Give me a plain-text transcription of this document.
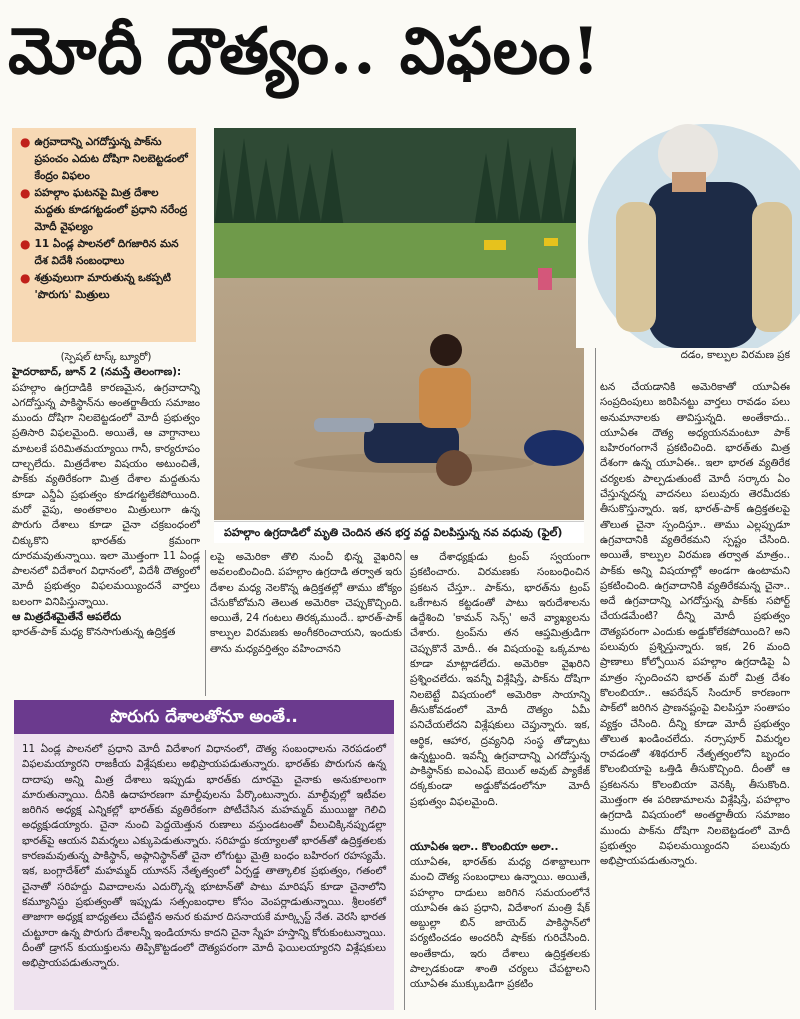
మోదీ దౌత్యం.. విఫలం!
● ఉగ్రవాదాన్ని ఎగదోస్తున్న పాక్‌ను ప్రపంచం ఎదుట దోషిగా నిలబెట్టడంలో కేంద్రం విఫలం
● పహల్గాం ఘటనపై మిత్ర దేశాల మద్దతు కూడగట్టడంలో ప్రధాని నరేంద్ర మోదీ వైఫల్యం
● 11 ఏండ్ల పాలనలో దిగజారిన మన దేశ విదేశీ సంబంధాలు
● శత్రువులుగా మారుతున్న ఒకప్పటి 'పొరుగు' మిత్రులు
పహల్గాం ఉగ్రదాడిలో మృతి చెందిన తన భర్త వద్ద విలపిస్తున్న నవ వధువు (ఫైల్)

(స్పెషల్ టాస్క్ బ్యూరో)

హైదరాబాద్, జూన్ 2 (నమస్తే తెలంగాణ):

పహల్గాం ఉగ్రదాడికి కారణమైన, ఉగ్రవాదాన్ని ఎగదోస్తున్న పాకిస్థాన్‌ను అంతర్జాతీయ సమాజం ముందు దోషిగా నిలబెట్టడంలో మోదీ ప్రభుత్వం ప్రతిసారి విఫలమైంది. అయితే, ఆ వాగ్దానాలు మాటలకే పరిమితమయ్యాయి గానీ, కార్యరూపం దాల్చలేదు. మిత్రదేశాల విషయం అటుంచితే, పాక్‌కు వ్యతిరేకంగా మిత్ర దేశాల మద్దతును కూడా ఎన్డీఏ ప్రభుత్వం కూడగట్టలేకపోయింది. మరో వైపు, అంతకాలం మిత్రులుగా ఉన్న పొరుగు దేశాలు కూడా చైనా చక్రబంధంలో చిక్కుకొని భారత్‌కు క్రమంగా దూరమవుతున్నాయి. ఇలా మొత్తంగా 11 ఏండ్ల పాలనలో విదేశాంగ విధానంలో, విదేశీ దౌత్యంలో మోదీ ప్రభుత్వం విఫలమయ్యిందనే వార్తలు బలంగా వినిపిస్తున్నాయి.

ఆ మిత్రదేశమైతేనే ఆపలేదు

భారత్-పాక్ మధ్య కొనసాగుతున్న ఉద్రిక్తత

లపై అమెరికా తొలి నుంచీ భిన్న వైఖరిని అవలంబించింది. పహల్గాం ఉగ్రదాడి తర్వాత ఇరు దేశాల మధ్య నెలకొన్న ఉద్రిక్తతల్లో తాము జోక్యం చేసుకోబోమని తెలుత అమెరికా చెప్పుకొచ్చింది. అయితే, 24 గంటలు తిరక్కముందే.. భారత్-పాక్ కాల్పుల విరమణకు అంగీకరించాయని, ఇందుకు తాను మధ్యవర్తిత్వం వహించానని

ఆ దేశాధ్యక్షుడు ట్రంప్ స్వయంగా ప్రకటించారు. విరమణకు సంబంధించిన ప్రకటన చేస్తూ.. పాక్‌ను, భారత్‌ను ట్రంప్ ఒకేగాటన కట్టడంతో పాటు ఇరుదేశాలను ఉద్దేశించి 'కామన్ సెన్స్' అనే వ్యాఖ్యలను చేశారు. ట్రంప్‌ను తన ఆప్తమిత్రుడిగా చెప్పుకొనే మోదీ.. ఈ విషయంపై ఒక్కమాట కూడా మాట్లాడలేదు. అమెరికా వైఖరిని ప్రశ్నించలేదు. ఇవన్నీ విశ్లేషిస్తే, పాక్‌ను దోషిగా నిలబెట్టే విషయంలో అమెరికా సాయాన్ని తీసుకోవడంలో మోదీ దౌత్యం ఏమీ పనిచేయలేదని విశ్లేషకులు చెప్తున్నారు. ఇక, ఆర్థిక, ఆహార, ద్రవ్యనిధి సంస్థ తోడ్పాటు ఉన్నట్టుంది. ఇవన్నీ ఉగ్రవాదాన్ని ఎగదోస్తున్న పాకిస్థాన్‌కు ఐఎంఎఫ్ బెయిల్ అవుట్ ప్యాకేజ్ దక్కకుండా అడ్డుకోవడంలోనూ మోదీ ప్రభుత్వం విఫలమైంది.

యూఏఈ ఇలా.. కొలంబియా అలా..

యూఏఈ, భారత్‌కు మధ్య దశాబ్దాలుగా మంచి దౌత్య సంబంధాలు ఉన్నాయి. అయితే, పహల్గాం దాడులు జరిగిన సమయంలోనే యూఏఈ ఉప ప్రధాని, విదేశాంగ మంత్రి షేక్ అబ్దుల్లా బిన్ జాయెద్ పాకిస్థాన్‌లో పర్యటించడం అందరినీ షాక్‌కు గురిచేసింది. అంతేకాదు, ఇరు దేశాలు ఉద్రిక్తతలకు పాల్పడకుండా శాంతి చర్యలు చేపట్టాలని యూఏఈ ముక్కుబడిగా ప్రకటిం

దడం, కాల్పుల విరమణ ప్రక

టన చేయడానికి అమెరికాతో యూఏఈ సంప్రదింపులు జరిపినట్టు వార్తలు రావడం పలు అనుమానాలకు తావిస్తున్నది. అంతేకాదు.. యూఏఈ దౌత్య అధ్యయనమంటూ పాక్ బహిరంగంగానే ప్రకటించింది. భారత్‌తు మిత్ర దేశంగా ఉన్న యూఏఈ.. ఇలా భారత వ్యతిరేక చర్యలకు పాల్పడుతుంటే మోదీ సర్కారు ఏం చేస్తున్నదన్న వాదనలు పలువురు తెరమీదకు తీసుకొస్తున్నారు. ఇక, భారత్-పాక్ ఉద్రిక్తతలపై తొలుత చైనా స్పందిస్తూ.. తాము ఎల్లప్పుడూ ఉగ్రవాదానికి వ్యతిరేకమని స్పష్టం చేసింది. అయితే, కాల్పుల విరమణ తర్వాత మాత్రం.. పాక్‌కు అన్ని విషయాల్లో అండగా ఉంటామని ప్రకటించింది. ఉగ్రవాదానికి వ్యతిరేకమన్న చైనా.. అదే ఉగ్రవాదాన్ని ఎగదోస్తున్న పాక్‌కు సపోర్ట్ చేయడమేంటి? దీన్ని మోదీ ప్రభుత్వం దౌత్యపరంగా ఎందుకు అడ్డుకోలేకపోయింది? అని పలువురు ప్రశ్నిస్తున్నారు. ఇక, 26 మంది ప్రాణాలు కోల్పోయిన పహల్గాం ఉగ్రదాడిపై ఏ మాత్రం స్పందించని భారత్ మరో మిత్ర దేశం కొలంబియా.. ఆపరేషన్ సిందూర్ కారణంగా పాక్‌లో జరిగిన ప్రాణనష్టంపై విలపిస్తూ సంతాపం వ్యక్తం చేసింది. దీన్ని కూడా మోదీ ప్రభుత్వం తొలుత ఖండించలేదు. నర్సాపూర్ విమర్శల రావడంతో శశిథరూర్ నేతృత్వంలోని బృందం కొలంబియాపై ఒత్తిడి తీసుకొచ్చింది. దీంతో ఆ ప్రకటనను కొలంబియా వెనక్కి తీసుకొంది. మొత్తంగా ఈ పరిణామాలను విశ్లేషిస్తే, పహల్గాం ఉగ్రదాడి విషయంలో అంతర్జాతీయ సమాజం ముందు పాక్‌ను దోషిగా నిలబెట్టడంలో మోదీ ప్రభుత్వం విఫలమయ్యిందని పలువురు అభిప్రాయపడుతున్నారు.

పొరుగు దేశాలతోనూ అంతే..

11 ఏండ్ల పాలనలో ప్రధాని మోదీ విదేశాంగ విధానంలో, దౌత్య సంబంధాలను నెరపడంలో విఫలమయ్యారని రాజకీయ విశ్లేషకులు అభిప్రాయపడుతున్నారు. భారత్‌కు పొరుగున ఉన్న దాదాపు అన్ని మిత్ర దేశాలు ఇప్పుడు భారత్‌కు దూరమై చైనాకు అనుకూలంగా మారుతున్నాయి. దీనికి ఉదాహరణగా మాల్దీవులను పేర్కొంటున్నారు. మాల్దీవుల్లో ఇటీవల జరిగిన అధ్యక్ష ఎన్నికల్లో భారత్‌కు వ్యతిరేకంగా పోటీచేసిన మహమ్మద్ ముయిజ్జు గెలిచి అధ్యక్షుడయ్యారు. చైనా నుంచి పెద్దయెత్తున రుణాలు వస్తుండటంతో వీలుచిక్కినప్పుడల్లా భారత్‌పై ఆయన విమర్శలు ఎక్కుపెడుతున్నారు. సరిహద్దు కయ్యాలతో భారత్‌తో ఉద్రిక్తతలకు కారణమవుతున్న పాకిస్థాన్, అఫ్గానిస్థాన్‌తో చైనా లోగుట్టు మైత్రి బంధం బహిరంగ రహస్యమే. ఇక, బంగ్లాదేశ్‌లో మహమ్మద్ యూనస్ నేతృత్వంలో ఏర్పడ్డ తాత్కాలిక ప్రభుత్వం, గతంలో చైనాతో సరిహద్దు వివాదాలను ఎదుర్కొన్న భూటాన్‌తో పాటు మారిషస్ కూడా చైనాలోని కమ్యూనిస్టు ప్రభుత్వంతో ఇప్పుడు సత్సంబంధాల కోసం వెంపర్లాడుతున్నాయి. శ్రీలంకలో తాజాగా అధ్యక్ష బాధ్యతలు చేపట్టిన అనుర కుమార దిసనాయకే మార్క్సిస్ట్ నేత. వెరసి భారత చుట్టూరా ఉన్న పొరుగు దేశాలన్నీ ఇండియాను కాదని చైనా స్నేహ హస్తాన్ని కోరుకుంటున్నాయి. దీంతో డ్రాగన్ కుయుక్తులను తిప్పికొట్టడంలో దౌత్యపరంగా మోదీ ఫెయిలయ్యారని విశ్లేషకులు అభిప్రాయపడుతున్నారు.
